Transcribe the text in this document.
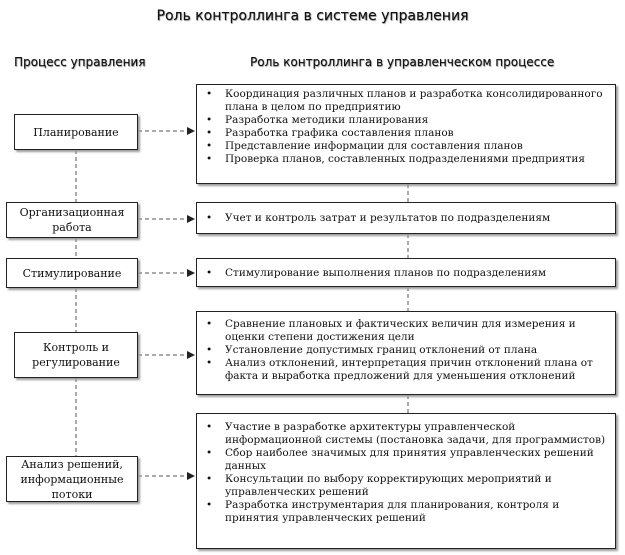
Роль контроллинга в системе управления
Процесс управления	Роль контроллинга в управленческом процессе
Планирование
Организационная работа
Стимулирование
Контроль и регулирование
Анализ решений, информационные потоки
• Координация различных планов и разработка консолидированного плана в целом по предприятию
• Разработка методики планирования
• Разработка графика составления планов
• Представление информации для составления планов
• Проверка планов, составленных подразделениями предприятия
• Учет и контроль затрат и результатов по подразделениям
• Стимулирование выполнения планов по подразделениям
• Сравнение плановых и фактических величин для измерения и оценки степени достижения цели
• Установление допустимых границ отклонений от плана
• Анализ отклонений, интерпретация причин отклонений плана от факта и выработка предложений для уменьшения отклонений
• Участие в разработке архитектуры управленческой информационной системы (постановка задачи, для программистов)
• Сбор наиболее значимых для принятия управленческих решений данных
• Консультации по выбору корректирующих мероприятий и управленческих решений
• Разработка инструментария для планирования, контроля и принятия управленческих решений
